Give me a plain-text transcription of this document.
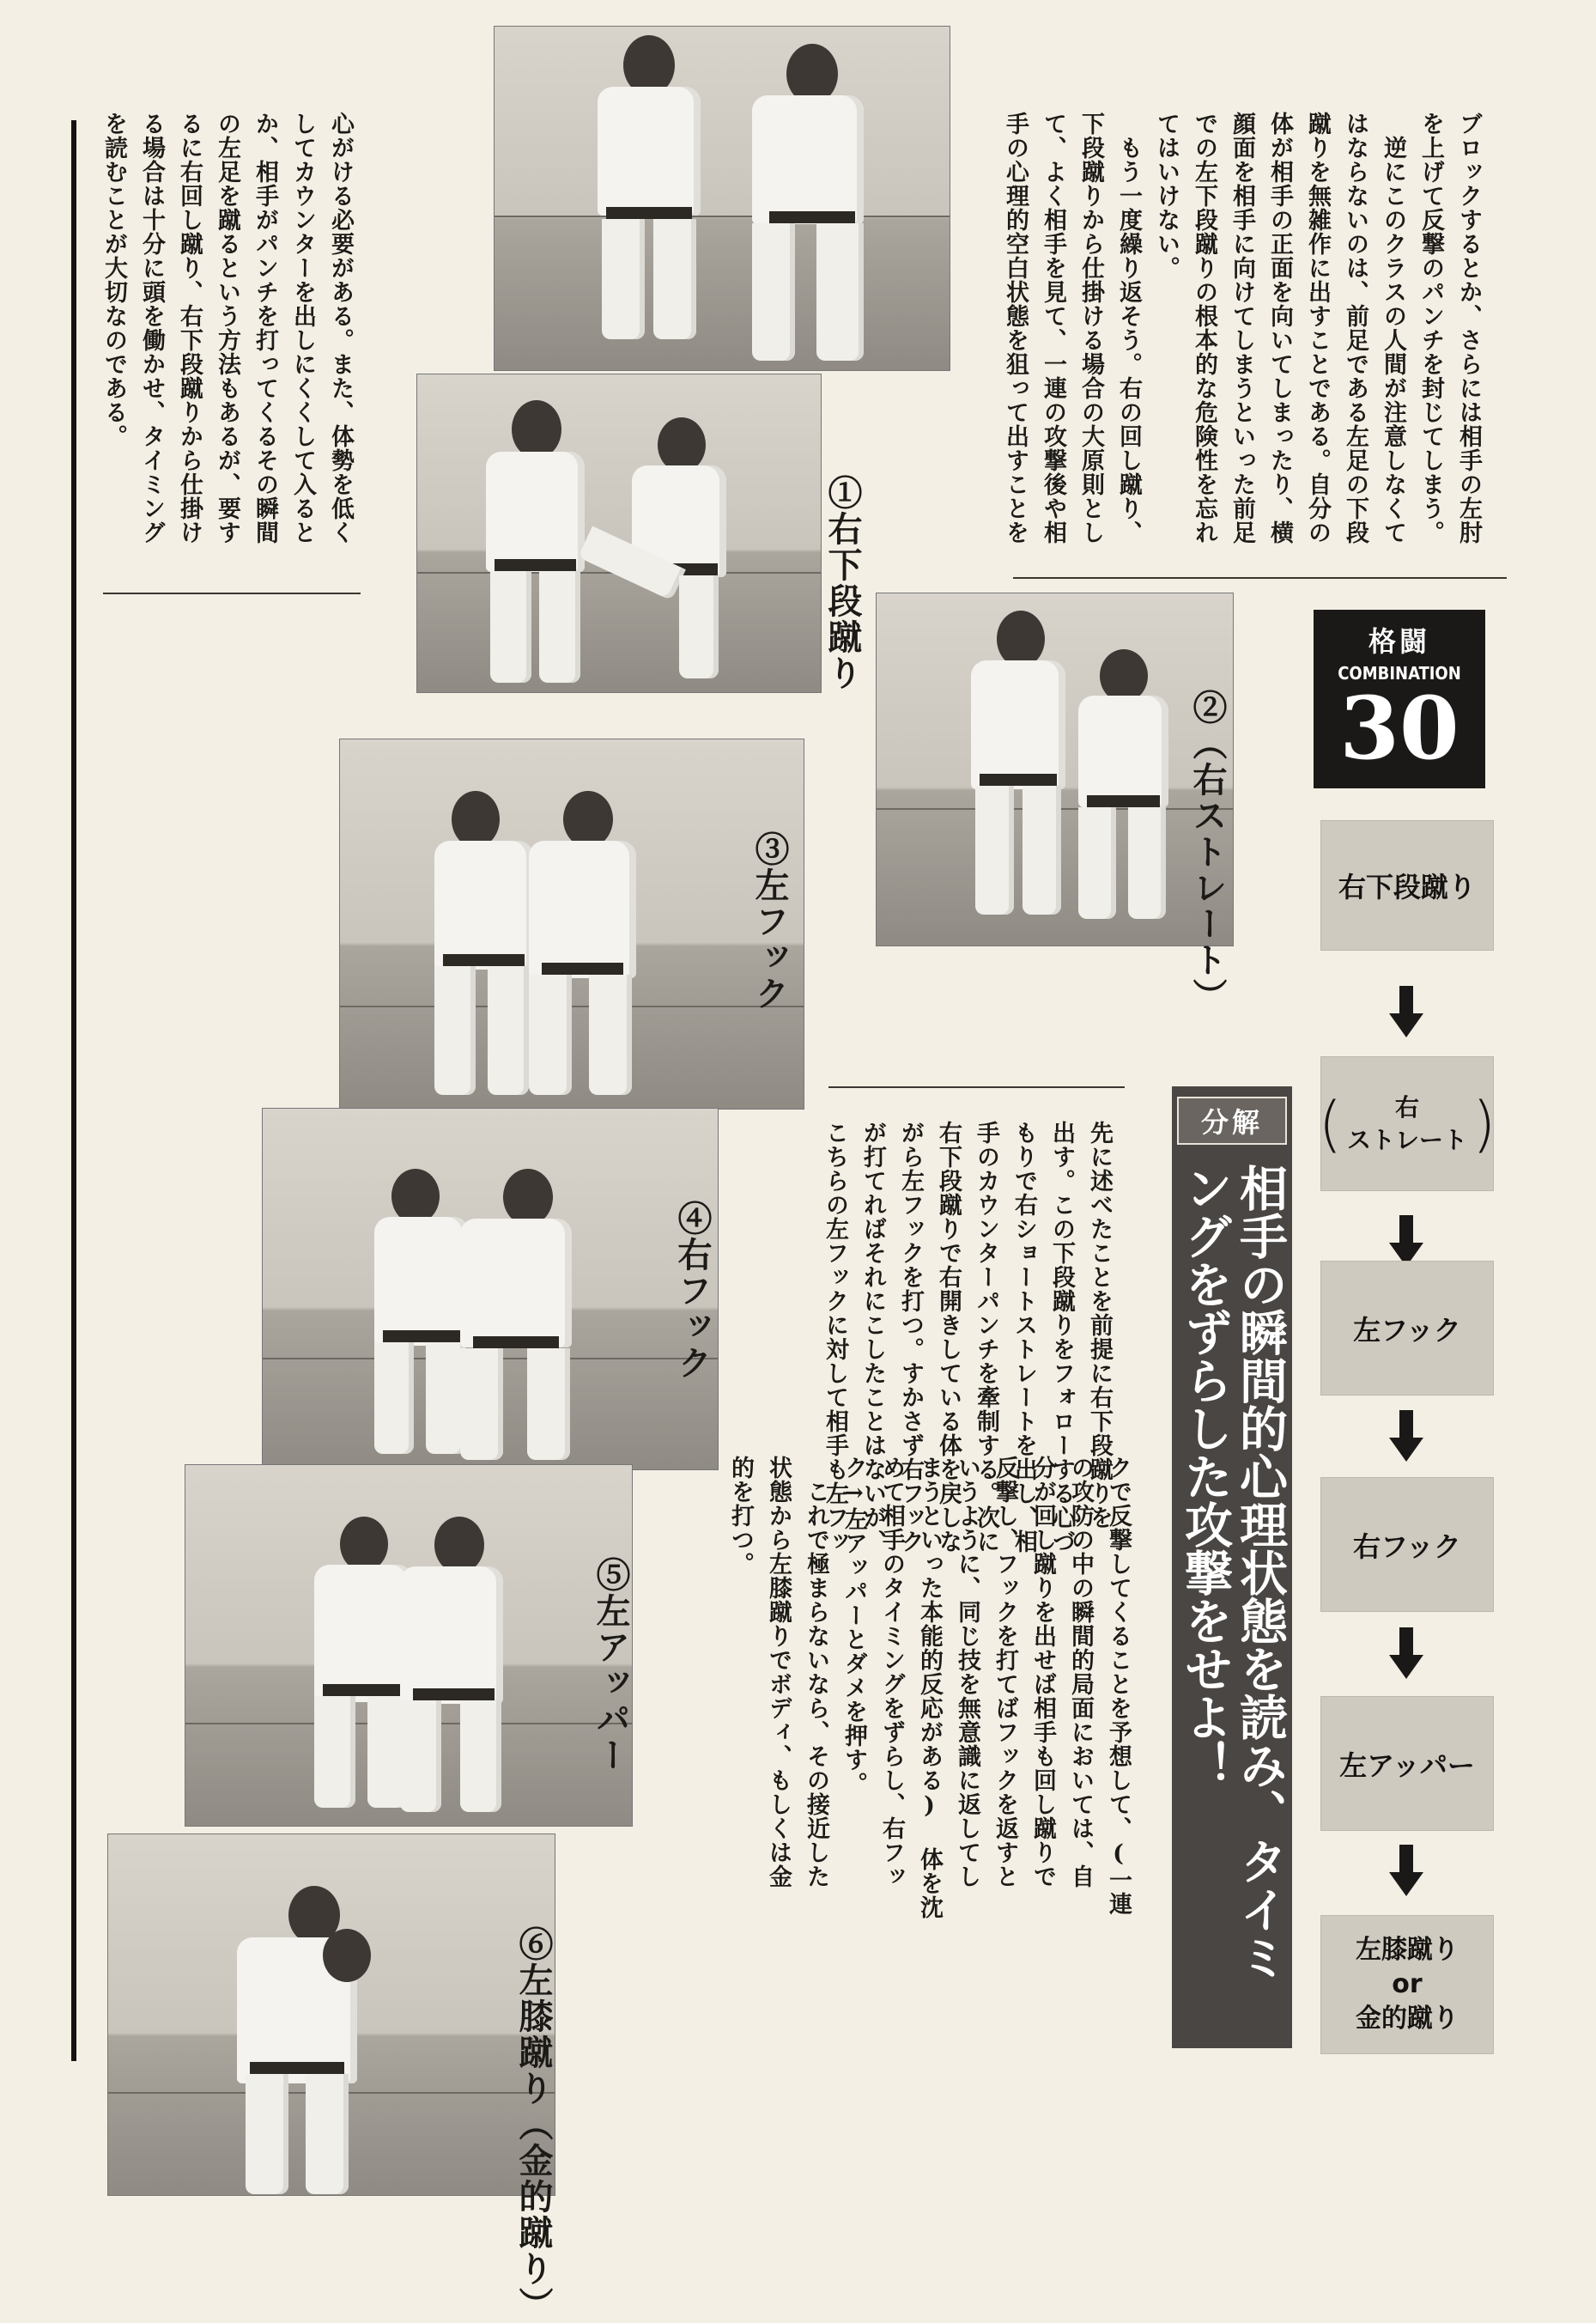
ブロックするとか、さらには相手の左肘
を上げて反撃のパンチを封じてしまう。
　逆にこのクラスの人間が注意しなくて
はならないのは、前足である左足の下段
蹴りを無雑作に出すことである。自分の
体が相手の正面を向いてしまったり、横
顔面を相手に向けてしまうといった前足
での左下段蹴りの根本的な危険性を忘れ
てはいけない。
　もう一度繰り返そう。右の回し蹴り、
下段蹴りから仕掛ける場合の大原則とし
て、よく相手を見て、一連の攻撃後や相
手の心理的空白状態を狙って出すことを
心がける必要がある。また、体勢を低く
してカウンターを出しにくくして入ると
か、相手がパンチを打ってくるその瞬間
の左足を蹴るという方法もあるが、要す
るに右回し蹴り、右下段蹴りから仕掛け
る場合は十分に頭を働かせ、タイミング
を読むことが大切なのである。
先に述べたことを前提に右下段蹴りを
出す。この下段蹴りをフォローする心づ
もりで右ショートストレートを出し、相
手のカウンターパンチを牽制する。次に
右下段蹴りで右開きしている体を戻しな
がら左フックを打つ。すかさず右フック
が打てればそれにこしたことはないが、
こちらの左フックに対して相手も左フッ
クで反撃してくることを予想して、(一連
の攻防の中の瞬間的局面においては、自
分が回し蹴りを出せば相手も回し蹴りで
反撃し、フックを打てばフックを返すと
いうように、同じ技を無意識に返してし
まうといった本能的反応がある) 体を沈
めて相手のタイミングをずらし、右フッ
ク→左アッパーとダメを押す。
　これで極まらないなら、その接近した
状態から左膝蹴りでボディ、もしくは金
的を打つ。

①右下段蹴り

②（右ストレート）

③左フック

④右フック

⑤左アッパー

⑥左膝蹴り（金的蹴り）

格闘
COMBINATION
30
右下段蹴り
(	右
ストレート )
左フック
右フック
左アッパー
左膝蹴り
or
金的蹴り
分解
相手の瞬間的心理状態を読み、タイミ
ングをずらした攻撃をせよ！
